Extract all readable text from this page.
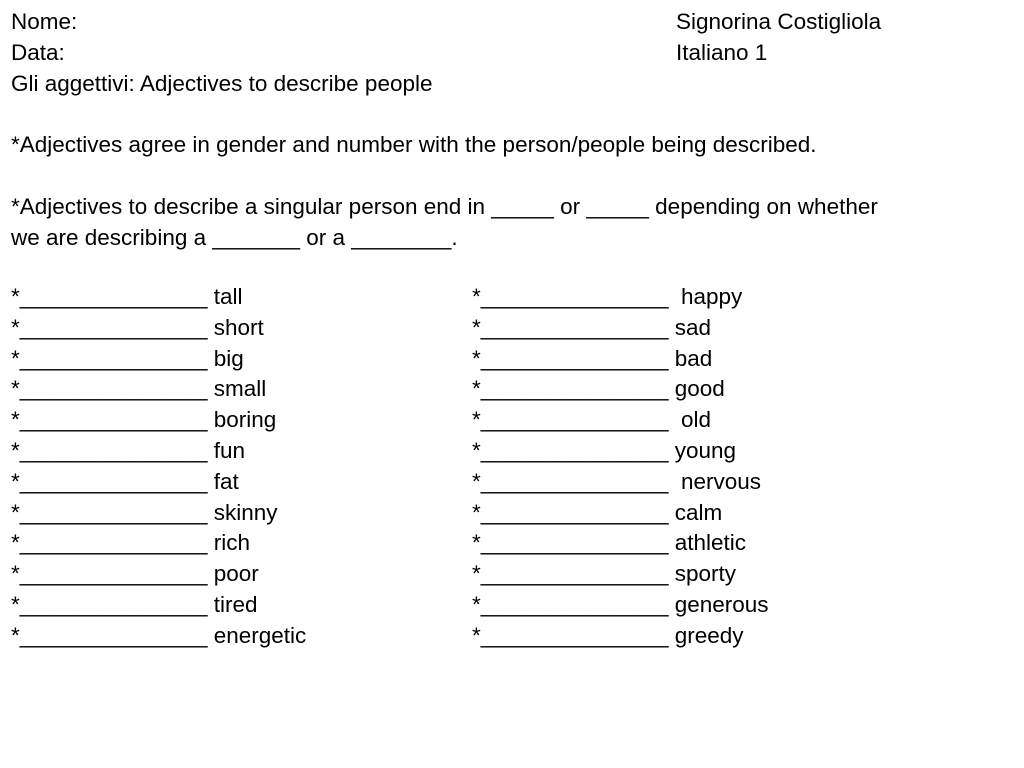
Nome:	Signorina Costigliola
Data:	Italiano 1
Gli aggettivi: Adjectives to describe people
*Adjectives agree in gender and number with the person/people being described.
*Adjectives to describe a singular person end in _____ or _____ depending on whether
we are describing a _______ or a ________.
*_______________ tall
*_______________ short
*_______________ big
*_______________ small
*_______________ boring
*_______________ fun
*_______________ fat
*_______________ skinny
*_______________ rich
*_______________ poor
*_______________ tired
*_______________ energetic
*_______________  happy
*_______________ sad
*_______________ bad
*_______________ good
*_______________  old
*_______________ young
*_______________  nervous
*_______________ calm
*_______________ athletic
*_______________ sporty
*_______________ generous
*_______________ greedy
